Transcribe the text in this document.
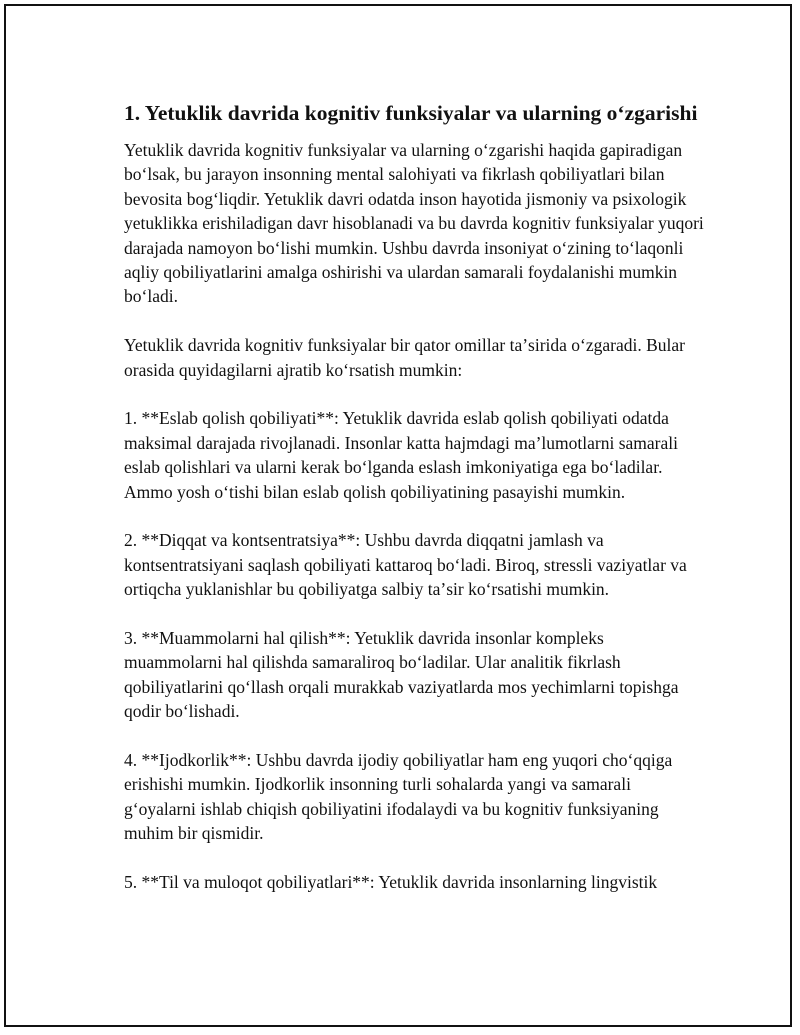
1. Yetuklik davrida kognitiv funksiyalar va ularning oʻzgarishi

Yetuklik davrida kognitiv funksiyalar va ularning oʻzgarishi haqida gapiradigan boʻlsak, bu jarayon insonning mental salohiyati va fikrlash qobiliyatlari bilan bevosita bogʻliqdir. Yetuklik davri odatda inson hayotida jismoniy va psixologik yetuklikka erishiladigan davr hisoblanadi va bu davrda kognitiv funksiyalar yuqori darajada namoyon boʻlishi mumkin. Ushbu davrda insoniyat oʻzining toʻlaqonli aqliy qobiliyatlarini amalga oshirishi va ulardan samarali foydalanishi mumkin boʻladi.

Yetuklik davrida kognitiv funksiyalar bir qator omillar taʼsirida oʻzgaradi. Bular orasida quyidagilarni ajratib koʻrsatish mumkin:

1. **Eslab qolish qobiliyati**: Yetuklik davrida eslab qolish qobiliyati odatda maksimal darajada rivojlanadi. Insonlar katta hajmdagi maʼlumotlarni samarali eslab qolishlari va ularni kerak boʻlganda eslash imkoniyatiga ega boʻladilar. Ammo yosh oʻtishi bilan eslab qolish qobiliyatining pasayishi mumkin.

2. **Diqqat va kontsentratsiya**: Ushbu davrda diqqatni jamlash va kontsentratsiyani saqlash qobiliyati kattaroq boʻladi. Biroq, stressli vaziyatlar va ortiqcha yuklanishlar bu qobiliyatga salbiy taʼsir koʻrsatishi mumkin.

3. **Muammolarni hal qilish**: Yetuklik davrida insonlar kompleks muammolarni hal qilishda samaraliroq boʻladilar. Ular analitik fikrlash qobiliyatlarini qoʻllash orqali murakkab vaziyatlarda mos yechimlarni topishga qodir boʻlishadi.

4. **Ijodkorlik**: Ushbu davrda ijodiy qobiliyatlar ham eng yuqori choʻqqiga erishishi mumkin. Ijodkorlik insonning turli sohalarda yangi va samarali gʻoyalarni ishlab chiqish qobiliyatini ifodalaydi va bu kognitiv funksiyaning muhim bir qismidir.

5. **Til va muloqot qobiliyatlari**: Yetuklik davrida insonlarning lingvistik
